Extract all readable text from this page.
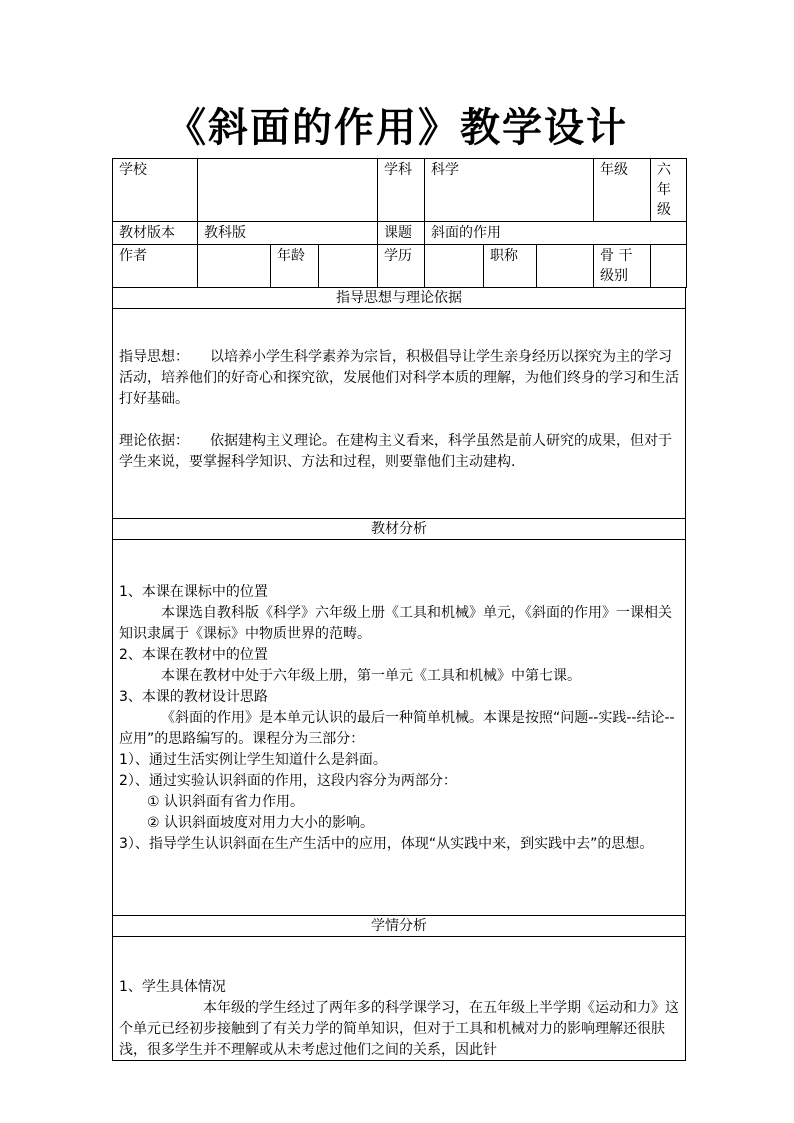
《斜面的作用》教学设计
学校				学科	科学			年级	六年级
教材版本	教科版			课题	斜面的作用				
作者		年龄		学历		职称		骨 干 级别	
指导思想与理论依据

指导思想：　　以培养小学生科学素养为宗旨，积极倡导让学生亲身经历以探究为主的学习活动，培养他们的好奇心和探究欲，发展他们对科学本质的理解，为他们终身的学习和生活打好基础。

理论依据：　　依据建构主义理论。在建构主义看来，科学虽然是前人研究的成果，但对于学生来说，要掌握科学知识、方法和过程，则要靠他们主动建构.

教材分析

1、本课在课标中的位置

本课选自教科版《科学》六年级上册《工具和机械》单元，《斜面的作用》一课相关知识隶属于《课标》中物质世界的范畴。

2、本课在教材中的位置

本课在教材中处于六年级上册，第一单元《工具和机械》中第七课。

3、本课的教材设计思路

《斜面的作用》是本单元认识的最后一种简单机械。本课是按照“问题--实践--结论--应用”的思路编写的。课程分为三部分：

1）、通过生活实例让学生知道什么是斜面。

2）、通过实验认识斜面的作用，这段内容分为两部分：

① 认识斜面有省力作用。

② 认识斜面坡度对用力大小的影响。

3）、指导学生认识斜面在生产生活中的应用，体现“从实践中来，到实践中去”的思想。

学情分析

1、学生具体情况

本年级的学生经过了两年多的科学课学习，在五年级上半学期《运动和力》这个单元已经初步接触到了有关力学的简单知识，但对于工具和机械对力的影响理解还很肤浅，很多学生并不理解或从未考虑过他们之间的关系，因此针
